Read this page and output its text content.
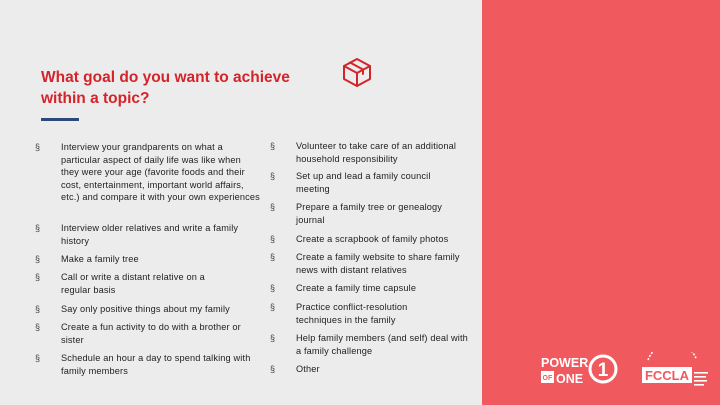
What goal do you want to achieve
within a topic?
§ Interview your grandparents on what a particular aspect of daily life was like when they were your age (favorite foods and their cost, entertainment, important world affairs, etc.) and compare it with your own experiences
§ Interview older relatives and write a family history
§ Make a family tree
§ Call or write a distant relative on a regular basis
§ Say only positive things about my family
§ Create a fun activity to do with a brother or sister
§ Schedule an hour a day to spend talking with family members
§ Volunteer to take care of an additional household responsibility
§ Set up and lead a family council meeting
§ Prepare a family tree or genealogy journal
§ Create a scrapbook of family photos
§ Create a family website to share family news with distant relatives
§ Create a family time capsule
§ Practice conflict-resolution techniques in the family
§ Help family members (and self) deal with a family challenge
§ Other	POWER
OF ONE 1	FCCLA
